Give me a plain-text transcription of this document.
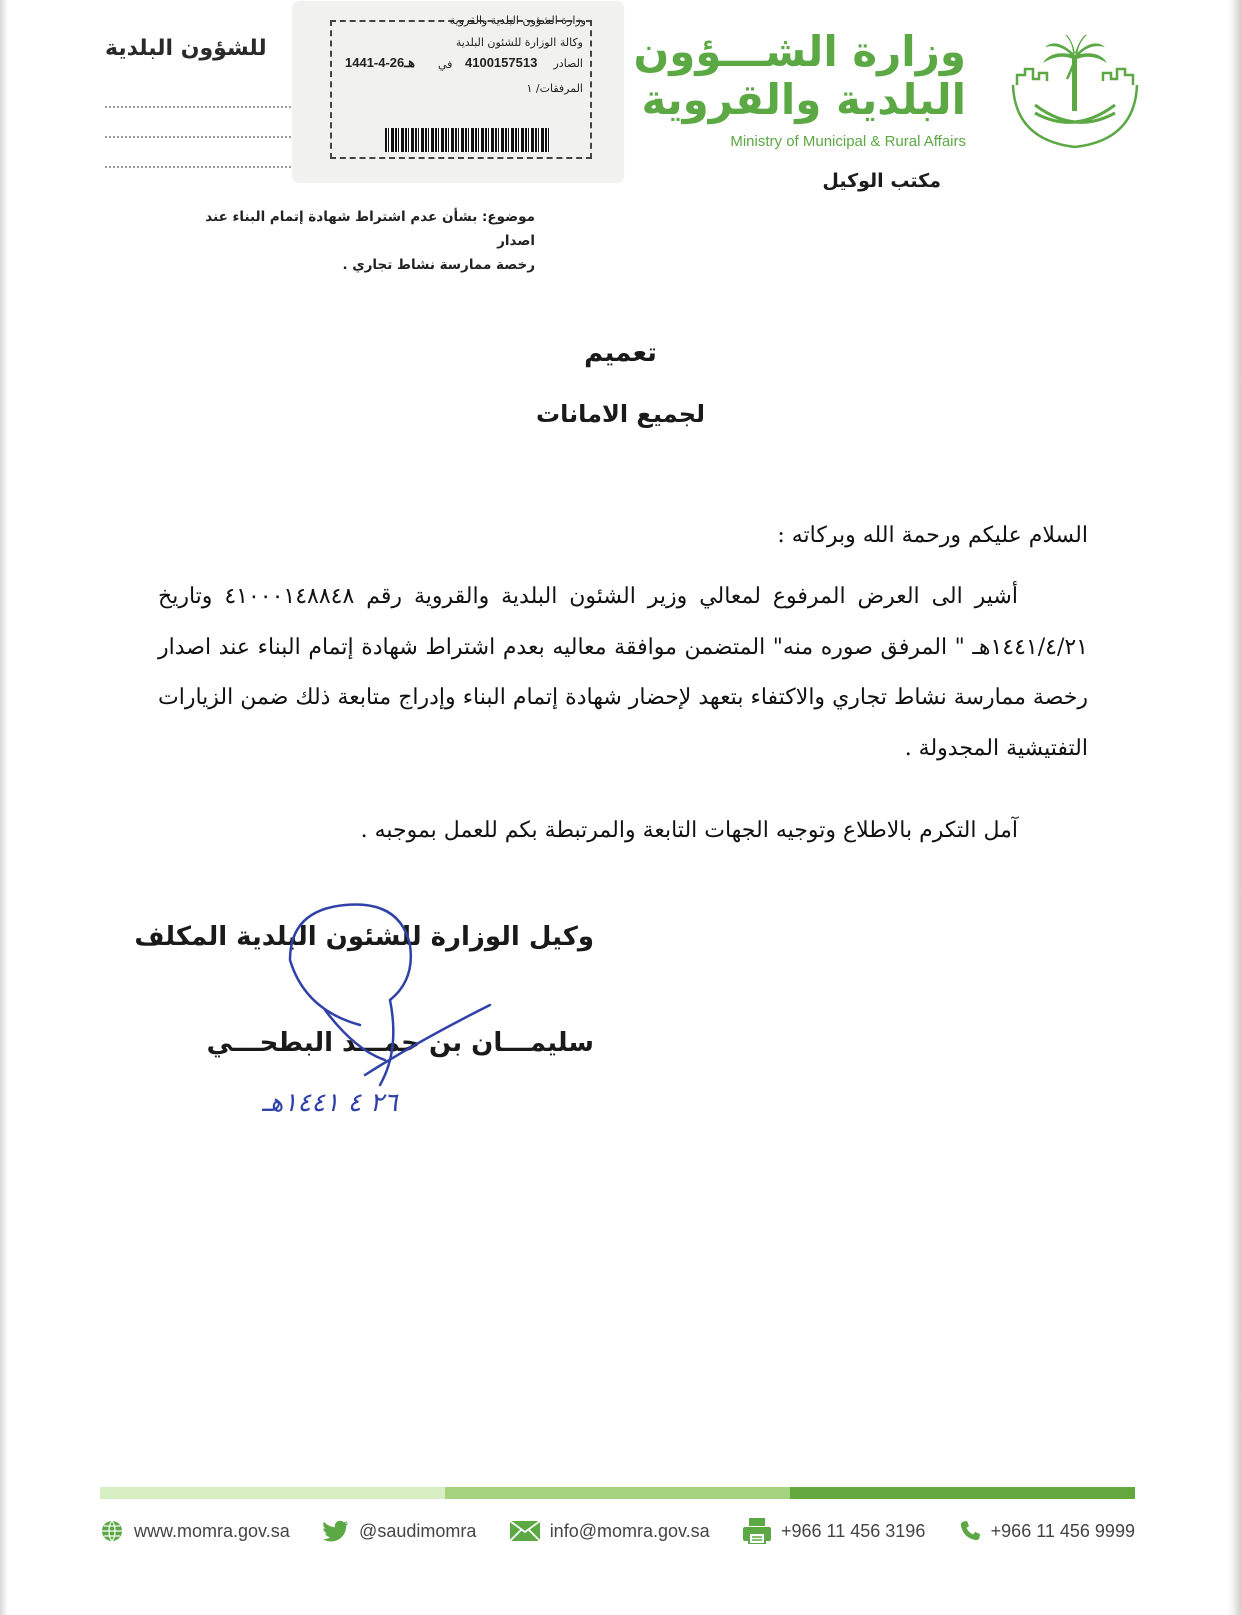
وزارة الشـــؤون
البلدية والقروية
Ministry of Municipal & Rural Affairs
مكتب الوكيل
للشؤون البلدية
وزارة الشؤون البلدية والقروية
وكالة الوزارة للشئون البلدية
الصادر
4100157513
في
1441-4-26هـ
المرفقات/ ١
موضوع: بشأن عدم اشتراط شهادة إتمام البناء عند اصدار
رخصة ممارسة نشاط تجاري .
تعميم
لجميع الامانات
السلام عليكم ورحمة الله وبركاته :
أشير الى العرض المرفوع لمعالي وزير الشئون البلدية والقروية رقم ٤١٠٠٠١٤٨٨٤٨ وتاريخ ١٤٤١/٤/٢١هـ " المرفق صوره منه" المتضمن موافقة معاليه بعدم اشتراط شهادة إتمام البناء عند اصدار رخصة ممارسة نشاط تجاري والاكتفاء بتعهد لإحضار شهادة إتمام البناء وإدراج متابعة ذلك ضمن الزيارات التفتيشية المجدولة .
آمل التكرم بالاطلاع وتوجيه الجهات التابعة والمرتبطة بكم للعمل بموجبه .
وكيل الوزارة للشئون البلدية المكلف
سليمـــان بن حمـــد البطحـــي
٢٦ ٤ ١٤٤١هـ
www.momra.gov.sa	@saudimomra	info@momra.gov.sa	+966 11 456 3196	+966 11 456 9999
